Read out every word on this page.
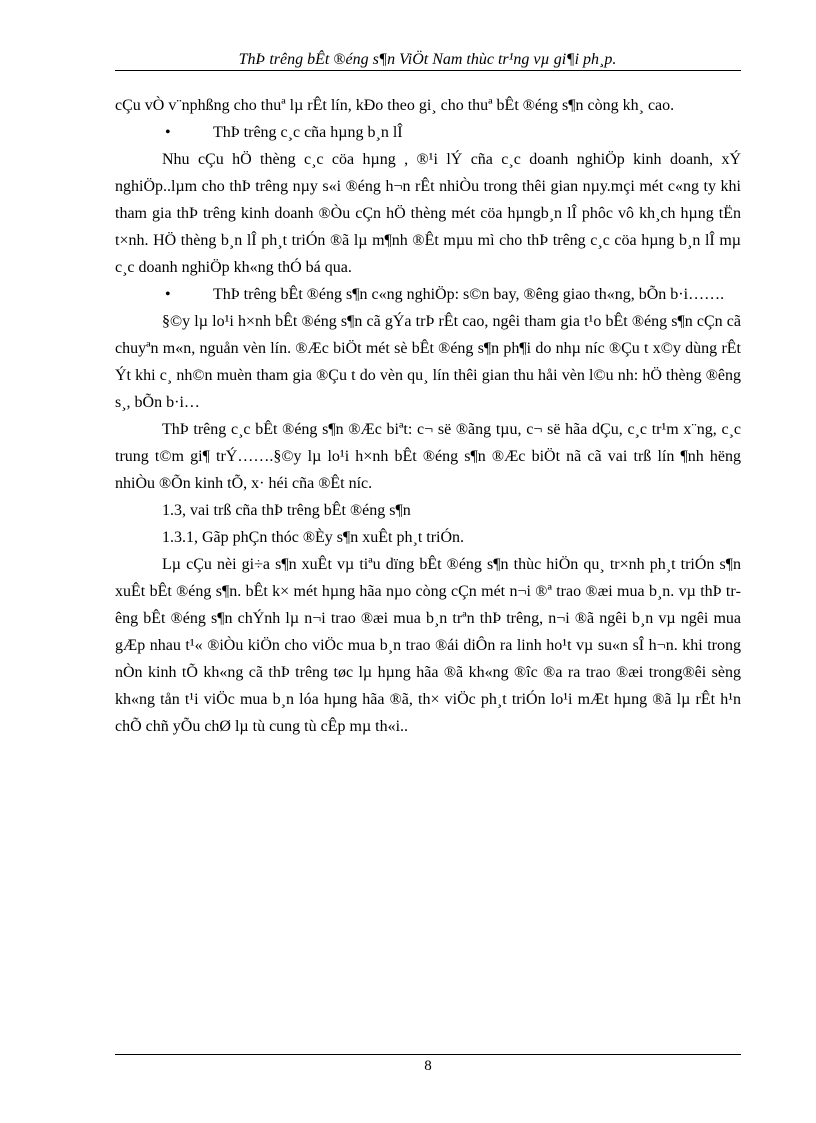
ThÞ trêng bÊt ®éng s¶n ViÖt Nam thùc tr¹ng vµ gi¶i ph¸p.

cÇu vÒ v¨nphßng cho thuª lµ rÊt lín, kÐo theo gi¸ cho thuª bÊt ®éng s¶n còng kh¸ cao.

•	ThÞ trêng c¸c cña hµng b¸n lÎ

Nhu cÇu hÖ thèng c¸c cöa hµng , ®¹i lÝ cña c¸c doanh nghiÖp kinh doanh, xÝ nghiÖp..lµm cho thÞ trêng nµy s«i ®éng h¬n rÊt nhiÒu trong thêi gian nµy.mçi mét c«ng ty khi tham gia thÞ trêng kinh doanh ®Òu cÇn hÖ thèng mét cöa hµngb¸n lÎ phôc vô kh¸ch hµng tËn t×nh. HÖ thèng b¸n lÎ ph¸t triÓn ®ã lµ m¶nh ®Êt mµu mì cho thÞ trêng c¸c cöa hµng b¸n lÎ mµ c¸c doanh nghiÖp kh«ng thÓ bá qua.

•	ThÞ trêng bÊt ®éng s¶n c«ng nghiÖp: s©n bay, ®êng giao th«ng, bÕn b·i…….

§©y lµ lo¹i h×nh bÊt ®éng s¶n cã gÝa trÞ rÊt cao, ngêi tham gia t¹o bÊt ®éng s¶n cÇn cã chuyªn m«n, nguån vèn lín. ®Æc biÖt mét sè bÊt ®éng s¶n ph¶i do nhµ níc ®Çu t x©y dùng rÊt Ýt khi c¸ nh©n muèn tham gia ®Çu t do vèn qu¸ lín thêi gian thu håi vèn l©u nh: hÖ thèng ®êng s¸, bÕn b·i…

ThÞ trêng c¸c bÊt ®éng s¶n ®Æc biªt: c¬ së ®ãng tµu, c¬ së hãa dÇu, c¸c tr¹m x¨ng, c¸c trung t©m gi¶ trÝ…….§©y lµ lo¹i h×nh bÊt ®éng s¶n ®Æc biÖt nã cã vai trß lín ¶nh hëng nhiÒu ®Õn kinh tÕ, x· héi cña ®Êt níc.

1.3, vai trß cña thÞ trêng bÊt ®éng s¶n

1.3.1, Gãp phÇn thóc ®Èy s¶n xuÊt ph¸t triÓn.

Lµ cÇu nèi gi÷a s¶n xuÊt vµ tiªu dïng bÊt ®éng s¶n thùc hiÖn qu¸ tr×nh ph¸t triÓn s¶n xuÊt bÊt ®éng s¶n. bÊt k× mét hµng hãa nµo còng cÇn mét n¬i ®ª trao ®æi mua b¸n. vµ thÞ trêng bÊt ®éng s¶n chÝnh lµ n¬i trao ®æi mua b¸n trªn thÞ trêng, n¬i ®ã ngêi b¸n vµ ngêi mua gÆp nhau t¹« ®iÒu kiÖn cho viÖc mua b¸n trao ®ái diÔn ra linh ho¹t vµ su«n sÎ h¬n. khi trong nÒn kinh tÕ kh«ng cã thÞ trêng tøc lµ hµng hãa ®ã kh«ng ®îc ®a ra trao ®æi trong®êi sèng kh«ng tån t¹i viÖc mua b¸n lóa hµng hãa ®ã, th× viÖc ph¸t triÓn lo¹i mÆt hµng ®ã lµ rÊt h¹n chÕ chñ yÕu chØ lµ tù cung tù cÊp mµ th«i..

8
